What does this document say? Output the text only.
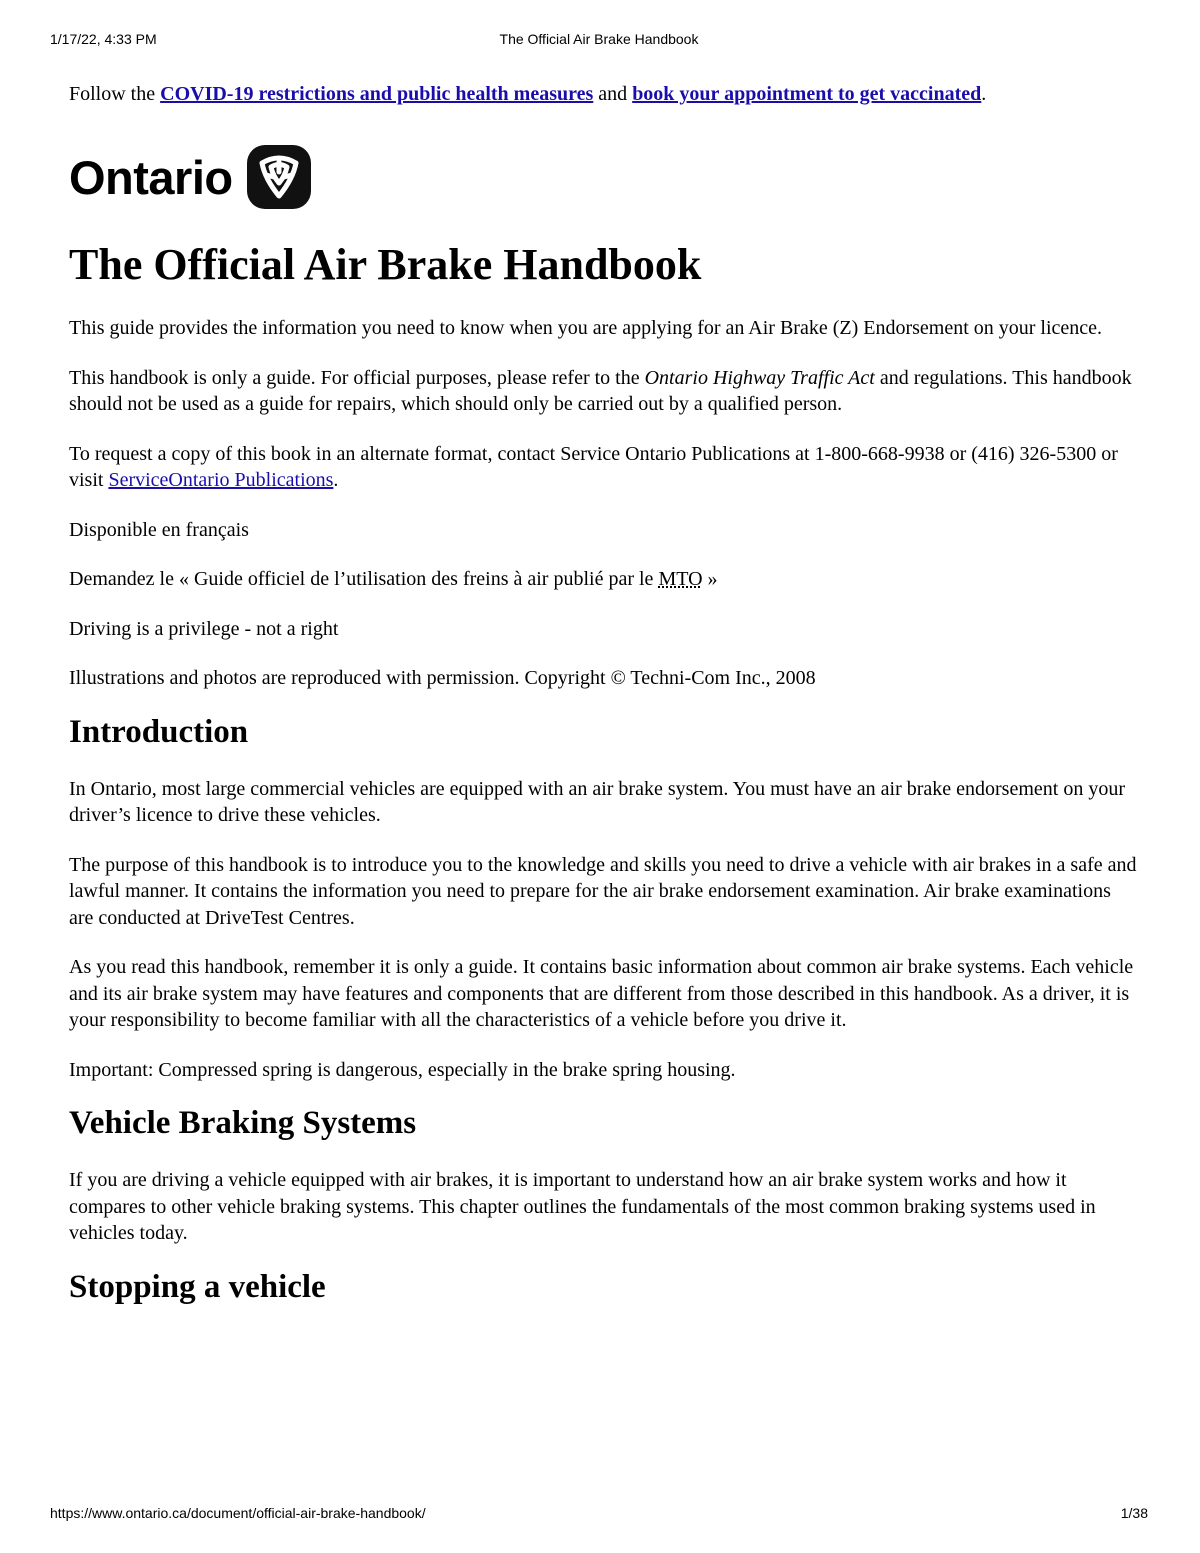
1/17/22, 4:33 PM	The Official Air Brake Handbook

Follow the COVID-19 restrictions and public health measures and book your appointment to get vaccinated.

Ontario
The Official Air Brake Handbook

This guide provides the information you need to know when you are applying for an Air Brake (Z) Endorsement on your licence.

This handbook is only a guide. For official purposes, please refer to the Ontario Highway Traffic Act and regulations. This handbook should not be used as a guide for repairs, which should only be carried out by a qualified person.

To request a copy of this book in an alternate format, contact Service Ontario Publications at 1-800-668-9938 or (416) 326-5300 or visit ServiceOntario Publications.

Disponible en français

Demandez le « Guide officiel de l’utilisation des freins à air publié par le MTO »

Driving is a privilege - not a right

Illustrations and photos are reproduced with permission. Copyright © Techni-Com Inc., 2008

Introduction

In Ontario, most large commercial vehicles are equipped with an air brake system. You must have an air brake endorsement on your driver’s licence to drive these vehicles.

The purpose of this handbook is to introduce you to the knowledge and skills you need to drive a vehicle with air brakes in a safe and lawful manner. It contains the information you need to prepare for the air brake endorsement examination. Air brake examinations are conducted at DriveTest Centres.

As you read this handbook, remember it is only a guide. It contains basic information about common air brake systems. Each vehicle and its air brake system may have features and components that are different from those described in this handbook. As a driver, it is your responsibility to become familiar with all the characteristics of a vehicle before you drive it.

Important: Compressed spring is dangerous, especially in the brake spring housing.

Vehicle Braking Systems

If you are driving a vehicle equipped with air brakes, it is important to understand how an air brake system works and how it compares to other vehicle braking systems. This chapter outlines the fundamentals of the most common braking systems used in vehicles today.

Stopping a vehicle
https://www.ontario.ca/document/official-air-brake-handbook/	1/38
